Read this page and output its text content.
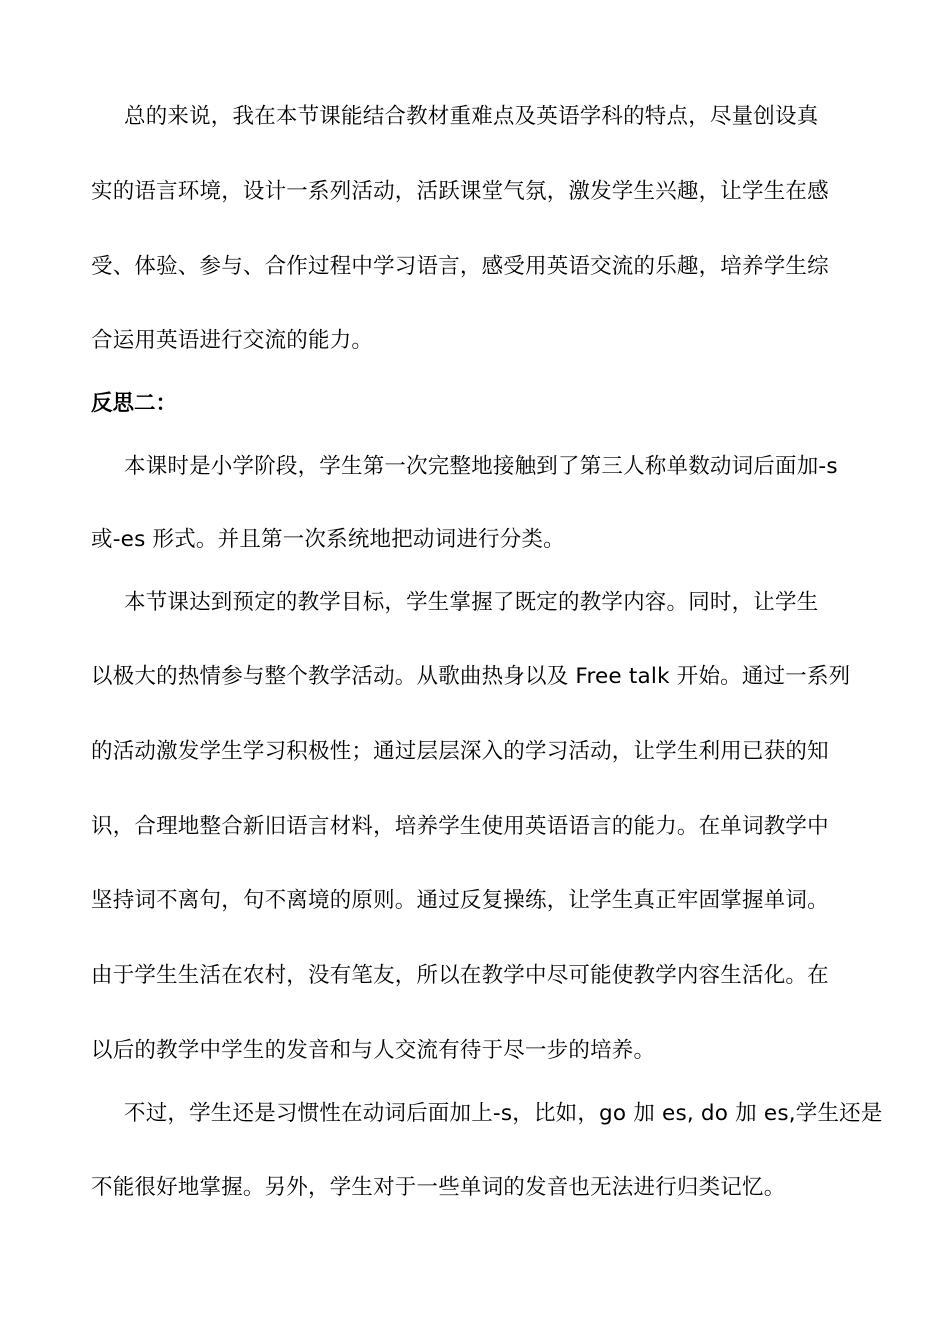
总的来说，我在本节课能结合教材重难点及英语学科的特点，尽量创设真
实的语言环境，设计一系列活动，活跃课堂气氛，激发学生兴趣，让学生在感
受、体验、参与、合作过程中学习语言，感受用英语交流的乐趣，培养学生综
合运用英语进行交流的能力。
反思二：
本课时是小学阶段，学生第一次完整地接触到了第三人称单数动词后面加-s
或-es 形式。并且第一次系统地把动词进行分类。
本节课达到预定的教学目标，学生掌握了既定的教学内容。同时，让学生
以极大的热情参与整个教学活动。从歌曲热身以及 Free talk 开始。通过一系列
的活动激发学生学习积极性；通过层层深入的学习活动，让学生利用已获的知
识，合理地整合新旧语言材料，培养学生使用英语语言的能力。在单词教学中
坚持词不离句，句不离境的原则。通过反复操练，让学生真正牢固掌握单词。
由于学生生活在农村，没有笔友，所以在教学中尽可能使教学内容生活化。在
以后的教学中学生的发音和与人交流有待于尽一步的培养。
不过，学生还是习惯性在动词后面加上-s，比如，go 加 es, do 加 es,学生还是
不能很好地掌握。另外，学生对于一些单词的发音也无法进行归类记忆。
